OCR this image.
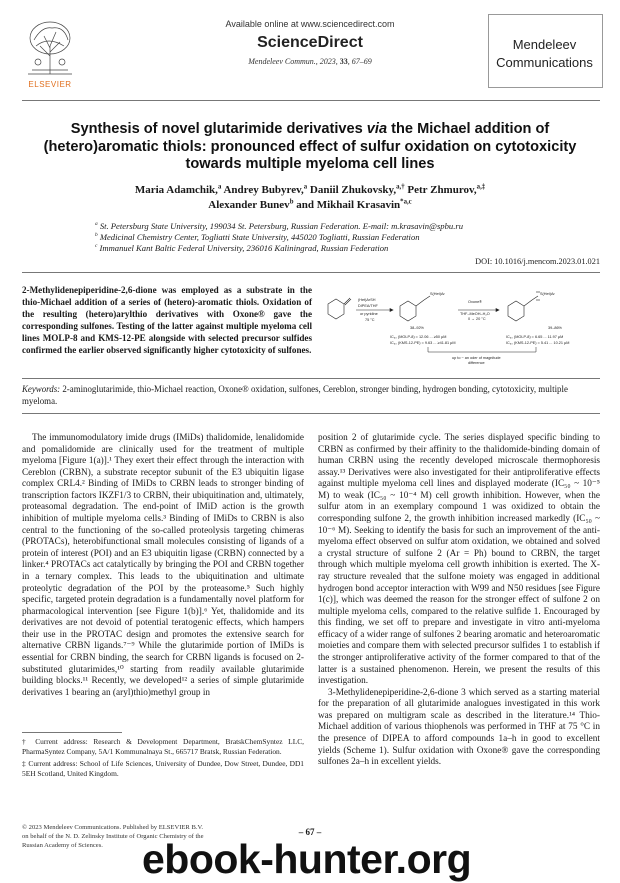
ELSEVIER
Available online at www.sciencedirect.com
ScienceDirect
Mendeleev Commun., 2023, 33, 67–69
Mendeleev
Communications
Synthesis of novel glutarimide derivatives via the Michael addition of (hetero)aromatic thiols: pronounced effect of sulfur oxidation on cytotoxicity towards multiple myeloma cell lines
Maria Adamchik,$^a$ Andrey Bubyrev,$^a$ Daniil Zhukovsky,$^{a,\dagger}$ Petr Zhmurov,$^{a,\ddagger}$
Alexander Bunev$^b$ and Mikhail Krasavin$^{*a,c}$
$^a$ St. Petersburg State University, 199034 St. Petersburg, Russian Federation. E-mail: m.krasavin@spbu.ru
$^b$ Medicinal Chemistry Center, Togliatti State University, 445020 Togliatti, Russian Federation
$^c$ Immanuel Kant Baltic Federal University, 236016 Kaliningrad, Russian Federation
DOI: 10.1016/j.mencom.2023.01.021
2-Methylidenepiperidine-2,6-dione was employed as a substrate in the thio-Michael addition of a series of (hetero)-aromatic thiols. Oxidation of the resulting (hetero)arylthio derivatives with Oxone® gave the corresponding sulfones. Testing of the latter against multiple myeloma cell lines MOLP-8 and KMS-12-PE alongside with selected precursor sulfides confirmed the earlier observed significantly higher cytotoxicity of sulfones.
(Het)ArSH
DIPEA/THF
or pyridine
75 °C
S(Het)Ar
38–92%
Oxone®
THF–MeOH–H₂O
0 → 20 °C
S(Het)Ar
39–86%
IC₅₀ (MOLP-8) = 12.06 ... ≥50 μM
IC₅₀ (KMS-12-PE) = 9.63 ... ≥41.81 μM
IC₅₀ (MOLP-8) = 6.65 ... 11.97 μM
IC₅₀ (KMS-12-PE) = 5.41 ... 10.21 μM
up to ~ an oder of magnitude
difference
Keywords: 2-aminoglutarimide, thio-Michael reaction, Oxone® oxidation, sulfones, Cereblon, stronger binding, hydrogen bonding, cytotoxicity, multiple myeloma.

The immunomodulatory imide drugs (IMiDs) thalidomide, lenalidomide and pomalidomide are clinically used for the treatment of multiple myeloma [Figure 1(a)].¹ They exert their effect through the interaction with Cereblon (CRBN), a substrate receptor subunit of the E3 ubiquitin ligase complex CRL4.² Binding of IMiDs to CRBN leads to stronger binding of transcription factors IKZF1/3 to CRBN, their ubiquitination and, ultimately, proteasomal degradation. The end-point of IMiD action is the growth inhibition of multiple myeloma cells.³ Binding of IMiDs to CRBN is also central to the functioning of the so-called proteolysis targeting chimeras (PROTACs), heterobifunctional small molecules consisting of ligands of a protein of interest (POI) and an E3 ubiquitin ligase (CRBN) connected by a linker.⁴ PROTACs act catalytically by bringing the POI and CRBN together in a ternary complex. This leads to the ubiquitination and ultimate proteolytic degradation of the POI by the proteasome.⁵ Such highly specific, targeted protein degradation is a fundamentally novel platform for pharmacological intervention [see Figure 1(b)].⁶ Yet, thalidomide and its derivatives are not devoid of potential teratogenic effects, which hampers their use in the PROTAC design and promotes the extensive search for alternative CRBN ligands.⁷⁻⁹ While the glutarimide portion of IMiDs is essential for CRBN binding, the search for CRBN ligands is focused on 2-substituted glutarimides,¹⁰ starting from readily available glutarimide building blocks.¹¹ Recently, we developed¹² a series of simple glutarimide derivatives 1 bearing an (aryl)thio)methyl group in

position 2 of glutarimide cycle. The series displayed specific binding to CRBN as confirmed by their affinity to the thalidomide-binding domain of human CRBN using the recently developed microscale thermophoresis assay.¹³ Derivatives were also investigated for their antiproliferative effects against multiple myeloma cell lines and displayed moderate (IC₅₀ ~ 10⁻⁵ M) to weak (IC₅₀ ~ 10⁻⁴ M) cell growth inhibition. However, when the sulfur atom in an exemplary compound 1 was oxidized to obtain the corresponding sulfone 2, the growth inhibition increased markedly (IC₅₀ ~ 10⁻⁶ M). Seeking to identify the basis for such an improvement of the anti-myeloma effect observed on sulfur atom oxidation, we obtained and solved a crystal structure of sulfone 2 (Ar = Ph) bound to CRBN, the target through which multiple myeloma cell growth inhibition is exerted. The X-ray structure revealed that the sulfone moiety was engaged in additional hydrogen bond acceptor interaction with W99 and N50 residues [see Figure 1(c)], which was deemed the reason for the stronger effect of sulfone 2 on multiple myeloma cells, compared to the relative sulfide 1. Encouraged by this finding, we set off to prepare and investigate in vitro anti-myeloma efficacy of a wider range of sulfones 2 bearing aromatic and heteroaromatic moieties and compare them with selected precursor sulfides 1 to establish if the stronger antiproliferative activity of the former compared to that of the latter is a sustained phenomenon. Herein, we present the results of this investigation.

3-Methylidenepiperidine-2,6-dione 3 which served as a starting material for the preparation of all glutarimide analogues investigated in this work was prepared on multigram scale as described in the literature.¹⁴ Thio-Michael addition of various thiophenols was performed in THF at 75 °C in the presence of DIPEA to afford compounds 1a–h in good to excellent yields (Scheme 1). Sulfur oxidation with Oxone® gave the corresponding sulfones 2a–h in excellent yields.

† Current address: Research & Development Department, BratskChemSyntez LLC, PharmaSyntez Company, 5A/1 Kommunalnaya St., 665717 Bratsk, Russian Federation.

‡ Current address: School of Life Sciences, University of Dundee, Dow Street, Dundee, DD1 5EH Scotland, United Kingdom.

© 2023 Mendeleev Communications. Published by ELSEVIER B.V.
on behalf of the N. D. Zelinsky Institute of Organic Chemistry of the
Russian Academy of Sciences.
– 67 –
ebook-hunter.org
